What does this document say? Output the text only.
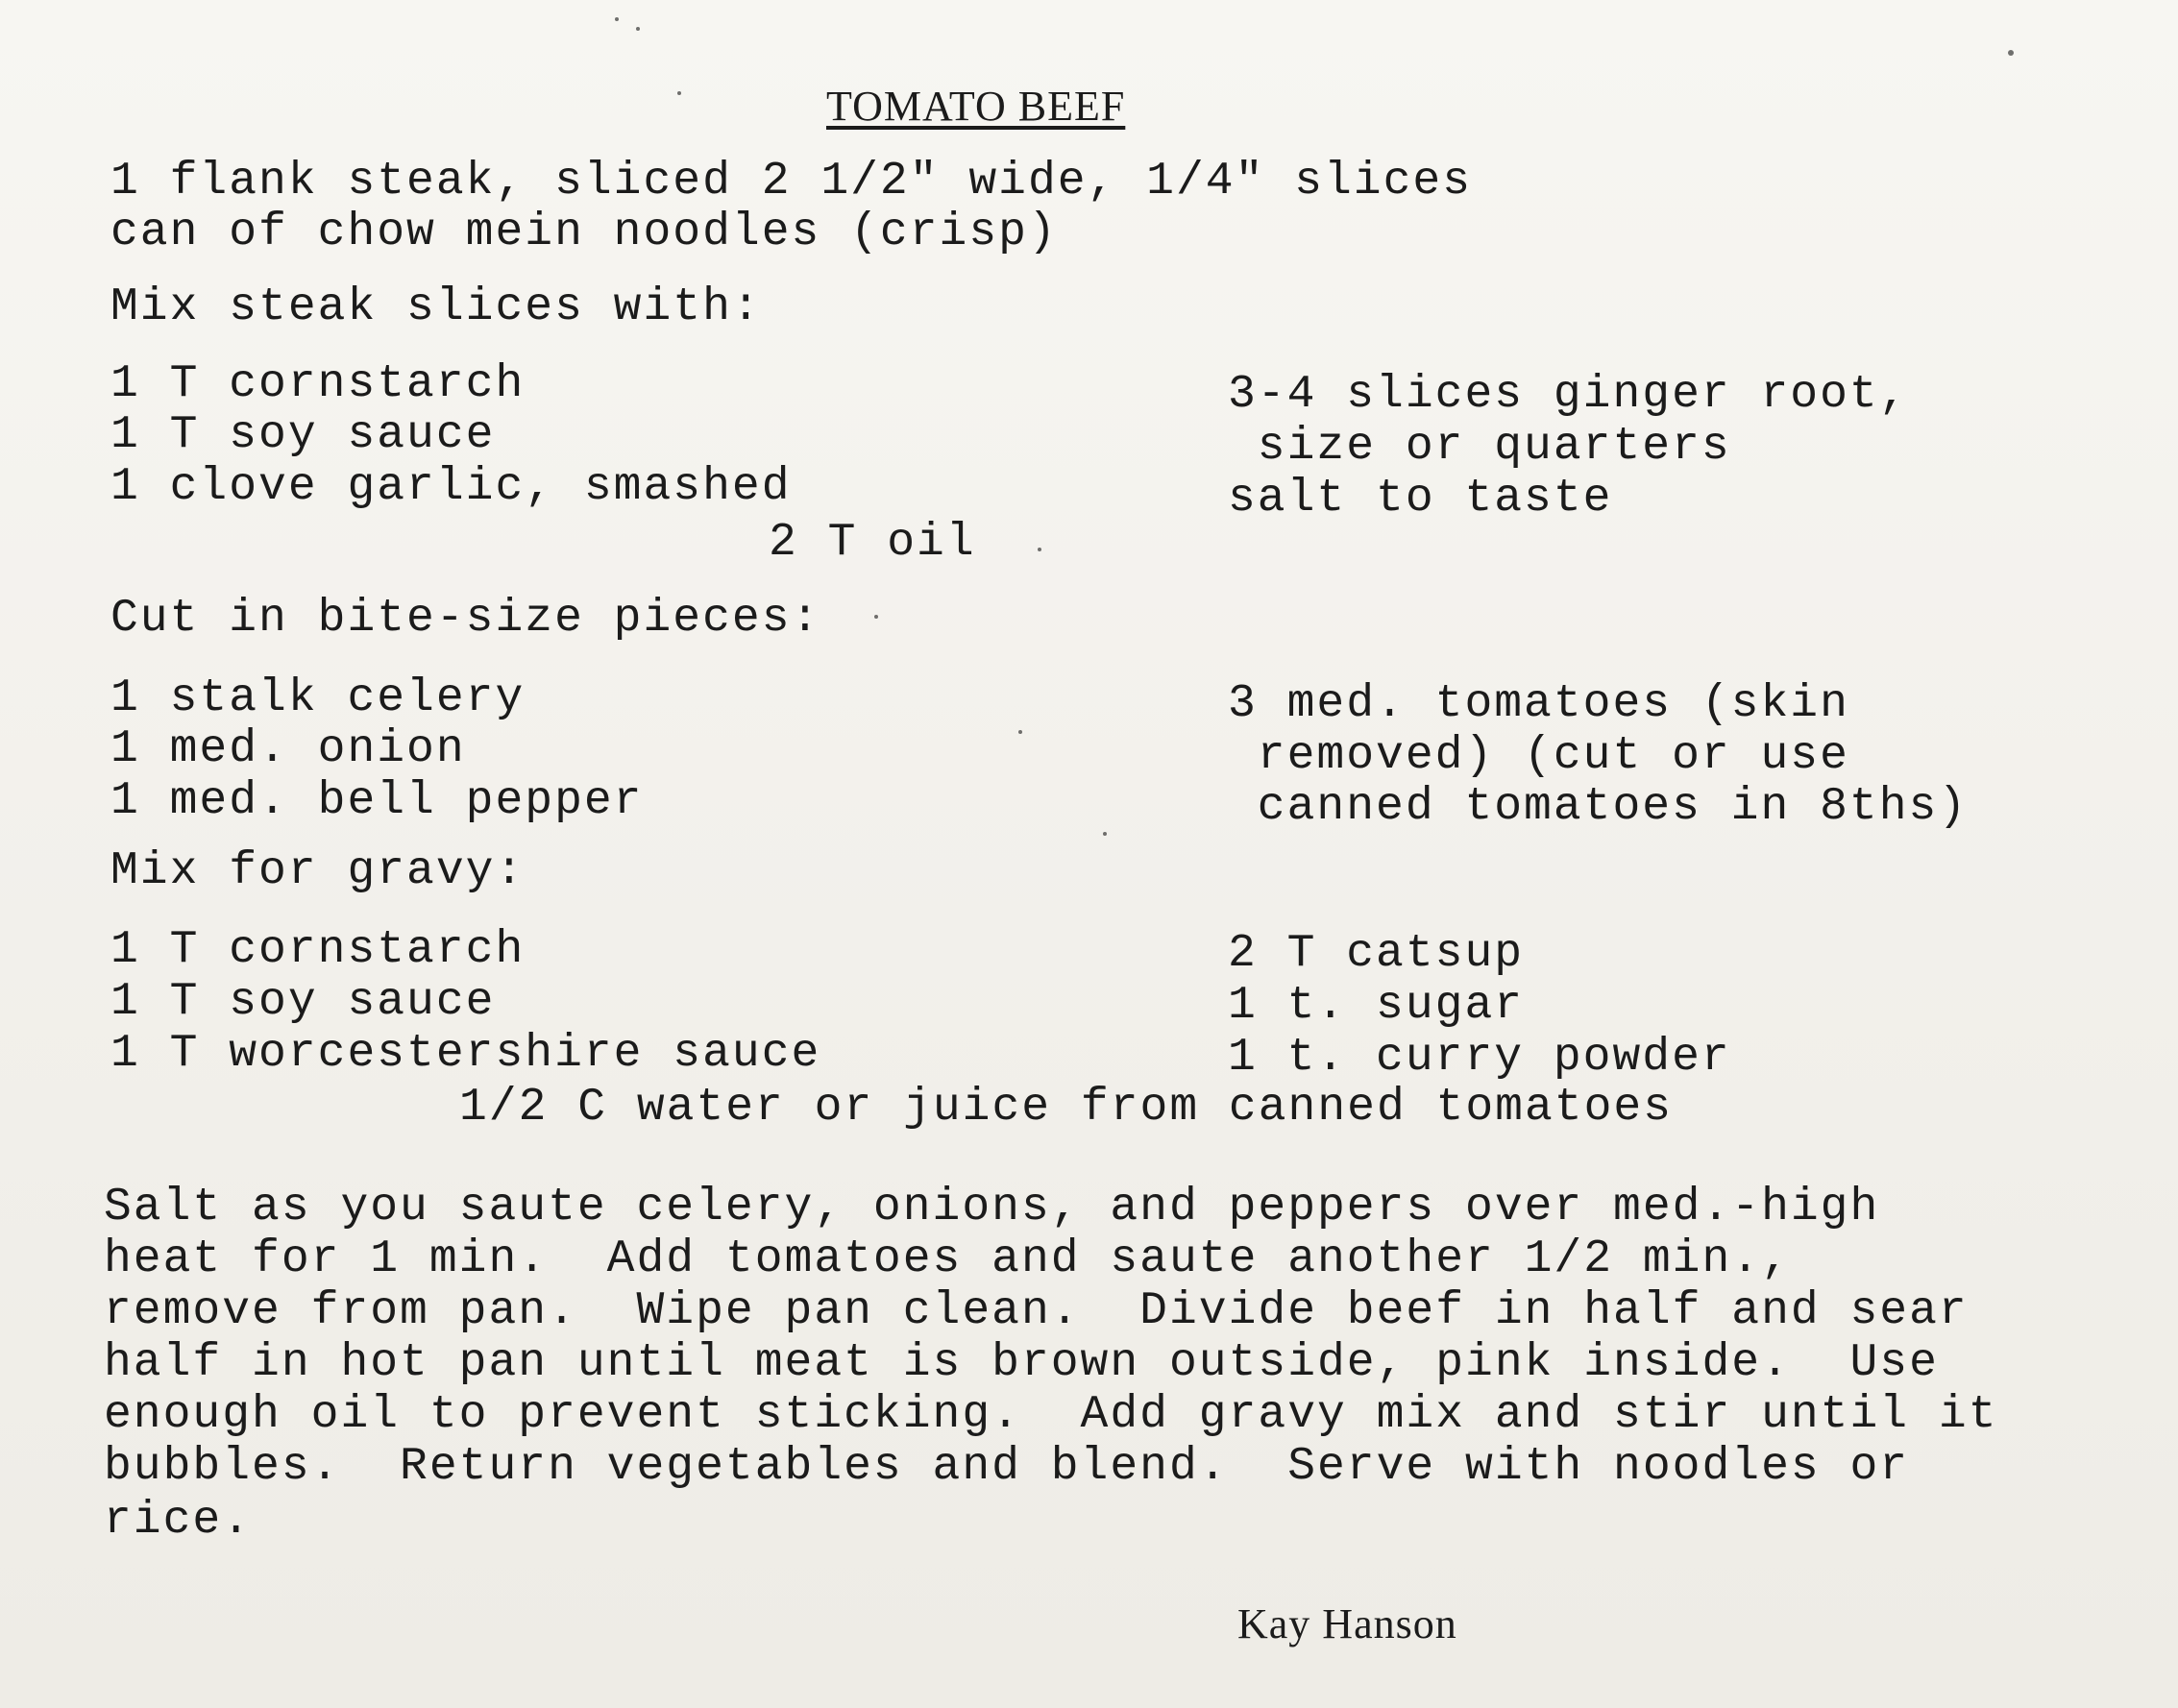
TOMATO BEEF
1 flank steak, sliced 2 1/2" wide, 1/4" slices
can of chow mein noodles (crisp)
Mix steak slices with:
1 T cornstarch
1 T soy sauce
1 clove garlic, smashed
3-4 slices ginger root,
size or quarters
salt to taste
2 T oil
Cut in bite-size pieces:
1 stalk celery
1 med. onion
1 med. bell pepper
3 med. tomatoes (skin
removed) (cut or use
canned tomatoes in 8ths)
Mix for gravy:
1 T cornstarch
1 T soy sauce
1 T worcestershire sauce
2 T catsup
1 t. sugar
1 t. curry powder
1/2 C water or juice from canned tomatoes
Salt as you saute celery, onions, and peppers over med.-high
heat for 1 min.  Add tomatoes and saute another 1/2 min.,
remove from pan.  Wipe pan clean.  Divide beef in half and sear
half in hot pan until meat is brown outside, pink inside.  Use
enough oil to prevent sticking.  Add gravy mix and stir until it
bubbles.  Return vegetables and blend.  Serve with noodles or
rice.
Kay Hanson
